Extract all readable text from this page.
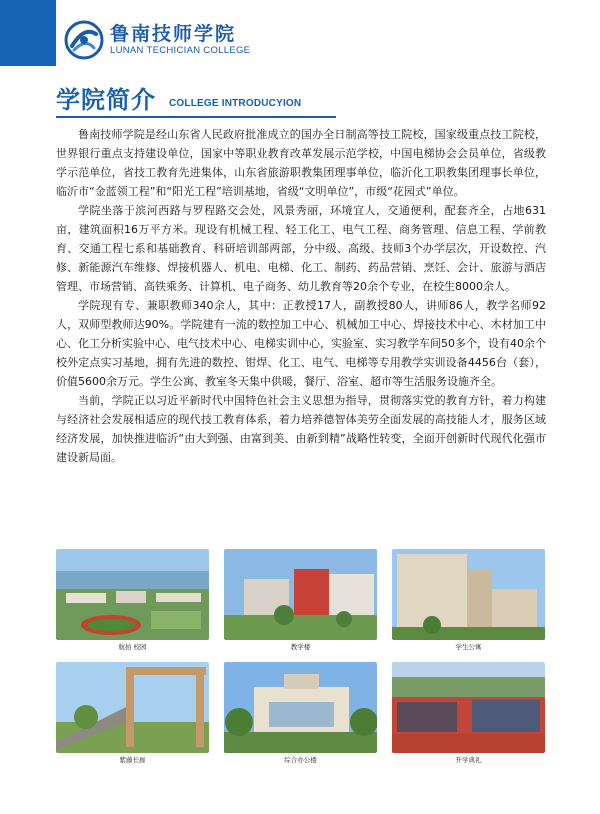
鲁南技师学院
LUNAN TECHICIAN COLLEGE
学院简介 COLLEGE INTRODUCYION

鲁南技师学院是经山东省人民政府批准成立的国办全日制高等技工院校，国家级重点技工院校，世界银行重点支持建设单位，国家中等职业教育改革发展示范学校，中国电梯协会会员单位，省级教学示范单位，省技工教育先进集体，山东省旅游职教集团理事单位，临沂化工职教集团理事长单位，临沂市“金蓝领工程”和“阳光工程”培训基地，省级“文明单位”，市级“花园式”单位。

学院坐落于滨河西路与罗程路交会处，风景秀丽，环境宜人，交通便利，配套齐全，占地631亩，建筑面积16万平方米。现设有机械工程、轻工化工、电气工程、商务管理、信息工程、学前教育、交通工程七系和基础教育、科研培训部两部，分中级、高级、技师3个办学层次，开设数控、汽修、新能源汽车维修、焊接机器人、机电、电梯、化工、制药、药品营销、烹饪、会计、旅游与酒店管理、市场营销、高铁乘务、计算机、电子商务、幼儿教育等20余个专业，在校生8000余人。

学院现有专、兼职教师340余人，其中：正教授17人，副教授80人，讲师86人，教学名师92人，双师型教师达90%。学院建有一流的数控加工中心、机械加工中心、焊接技术中心、木材加工中心、化工分析实验中心、电气技术中心、电梯实训中心，实验室、实习教学车间50多个，设有40余个校外定点实习基地，拥有先进的数控、钳焊、化工、电气、电梯等专用教学实训设备4456台（套），价值5600余万元。学生公寓、教室冬天集中供暖，餐厅、浴室、超市等生活服务设施齐全。

当前，学院正以习近平新时代中国特色社会主义思想为指导，贯彻落实党的教育方针，着力构建与经济社会发展相适应的现代技工教育体系，着力培养德智体美劳全面发展的高技能人才，服务区域经济发展，加快推进临沂“由大到强、由富到美、由新到精”战略性转变，全面开创新时代现代化强市建设新局面。

航拍 校园	教学楼	学生公寓
紫藤长廊	综合办公楼	开学典礼
